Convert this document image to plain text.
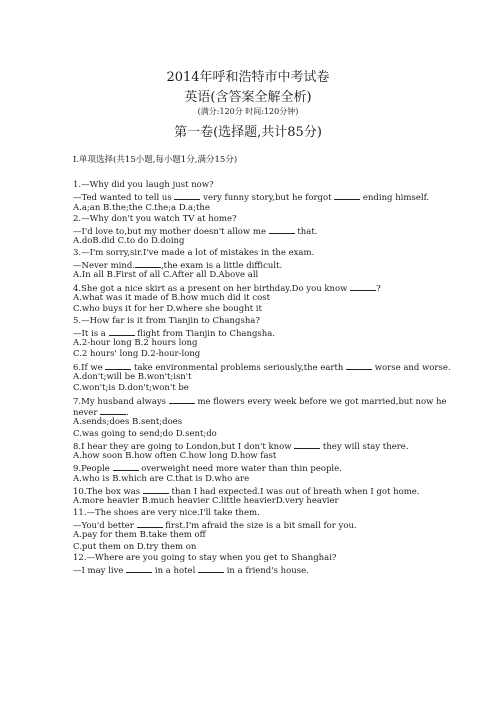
2014年呼和浩特市中考试卷
英语(含答案全解全析)
(满分:120分 时间:120分钟)
第一卷(选择题,共计85分)
Ⅰ.单项选择(共15小题,每小题1分,满分15分)
1.—Why did you laugh just now?
—Ted wanted to tell us	very funny story,but he forgot	ending himself.
A.a;an B.the;the C.the;a D.a;the
2.—Why don't you watch TV at home?
—I'd love to,but my mother doesn't allow me	that.
A.doB.did C.to do D.doing
3.—I'm sorry,sir.I've made a lot of mistakes in the exam.
—Never mind.	,the exam is a little difficult.
A.In all B.First of all C.After all D.Above all
4.She got a nice skirt as a present on her birthday.Do you know	?
A.what was it made of B.how much did it cost
C.who buys it for her D.where she bought it
5.—How far is it from Tianjin to Changsha?
—It is a	flight from Tianjin to Changsha.
A.2-hour long B.2 hours long
C.2 hours' long D.2-hour-long
6.If we	take environmental problems seriously,the earth	worse and worse.
A.don't;will be B.won't;isn't
C.won't;is D.don't;won't be
7.My husband always	me flowers every week before we got married,but now he
never	.
A.sends;does B.sent;does
C.was going to send;do D.sent;do
8.I hear they are going to London,but I don't know	they will stay there.
A.how soon B.how often C.how long D.how fast
9.People	overweight need more water than thin people.
A.who is B.which are C.that is D.who are
10.The box was	than I had expected.I was out of breath when I got home.
A.more heavier B.much heavier C.little heavierD.very heavier
11.—The shoes are very nice.I'll take them.
—You'd better	first.I'm afraid the size is a bit small for you.
A.pay for them B.take them off
C.put them on D.try them on
12.—Where are you going to stay when you get to Shanghai?
—I may live	in a hotel	in a friend's house.
